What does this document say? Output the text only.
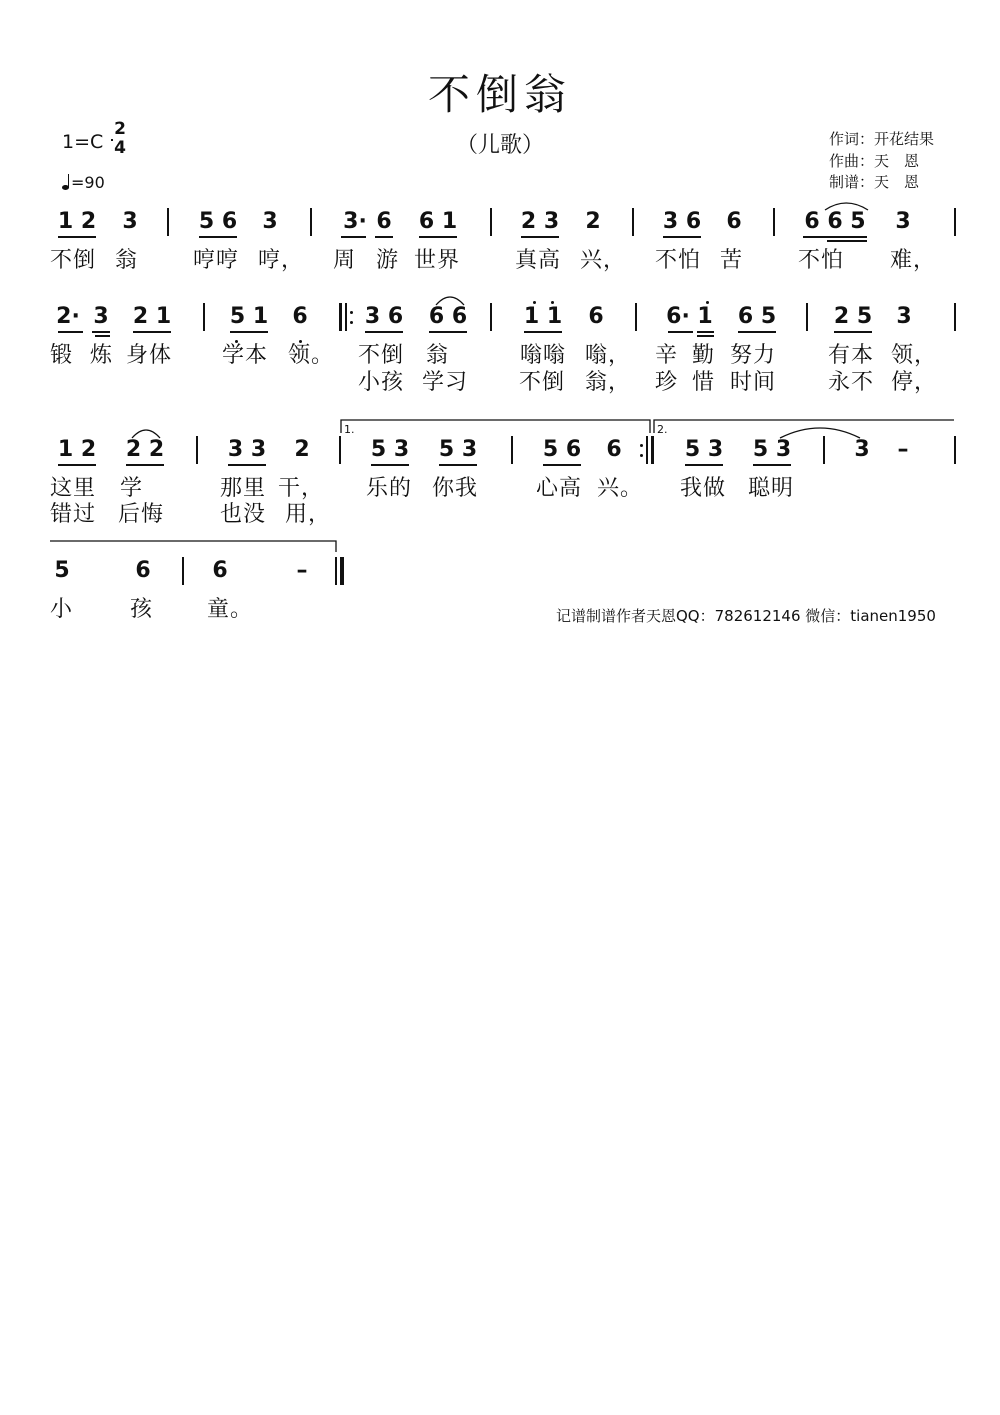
不倒翁
（儿歌）
1=C
2
4
=90
作词：开花结果
作曲：天　恩
制谱：天　恩
1 2 3	5 6 3	3· 6 6 1	2 3 2	3 6 6	6 6 5 3
不倒 翁 哼哼 哼， 周 游 世界 真高 兴， 不怕 苦 不怕 难，
2· 3 2 1	5 1 6	3 6 6 6	1 1 6	6· 1 6 5	2 5 3
锻 炼 身体 学本 领。 不倒 翁	嗡嗡 嗡， 辛 勤 努力 有本 领，
小孩 学习 不倒 翁， 珍 惜 时间 永不 停，
1 2 2 2	3 3 2	5 3 5 3	5 6 6	5 3 5 3	3 –
这里 学	那里 干， 乐的 你我	心高 兴。 我做 聪明
错过 后悔	也没 用，
1.	2.
5	6	6	–
小	孩 童。	记谱制谱作者天恩QQ：782612146 微信：tianen1950
